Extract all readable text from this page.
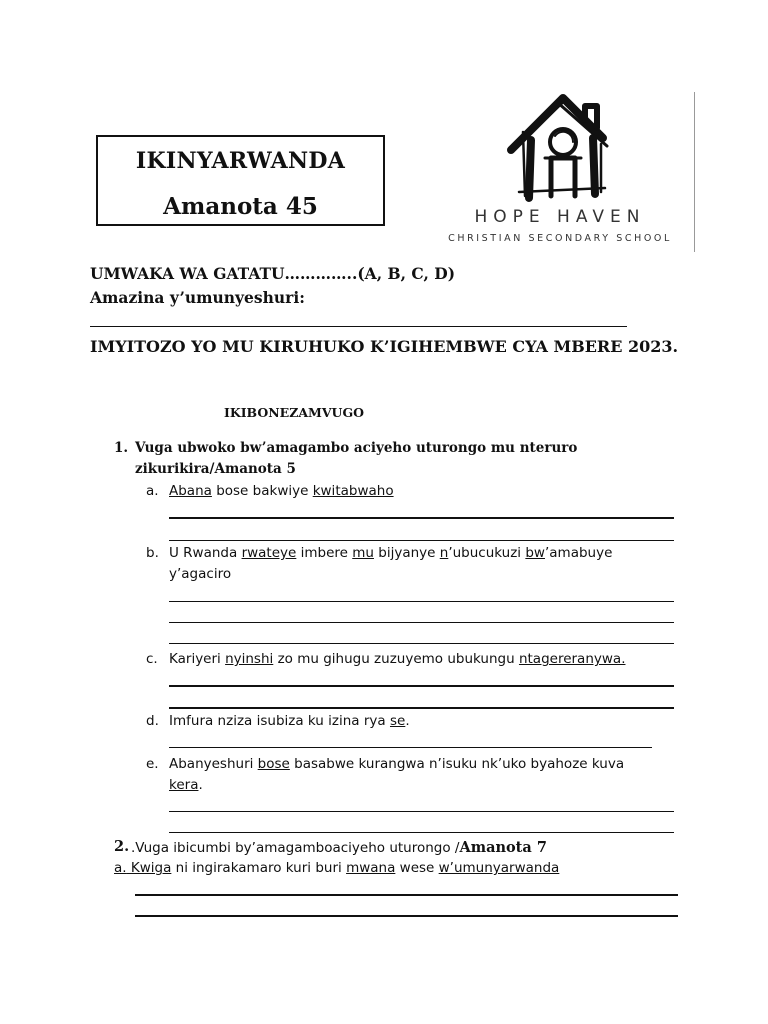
IKINYARWANDA
Amanota 45	HOPE HAVEN
CHRISTIAN SECONDARY SCHOOL
UMWAKA WA GATATU…………..(A, B, C, D)
Amazina y’umunyeshuri:
IMYITOZO YO MU KIRUHUKO K’IGIHEMBWE CYA MBERE 2023.
IKIBONEZAMVUGO
1. Vuga ubwoko bw’amagambo aciyeho uturongo mu nteruro
zikurikira/Amanota 5
a. Abana bose bakwiye kwitabwaho
b. U Rwanda rwateye imbere mu bijyanye n’ubucukuzi bw’amabuye
y’agaciro
c. Kariyeri nyinshi zo mu gihugu zuzuyemo ubukungu ntagereranywa.
d. Imfura nziza isubiza ku izina rya se.
e. Abanyeshuri bose basabwe kurangwa n’isuku nk’uko byahoze kuva
kera.
2. .Vuga ibicumbi by’amagamboaciyeho uturongo /Amanota 7
a. Kwiga ni ingirakamaro kuri buri mwana wese w’umunyarwanda
